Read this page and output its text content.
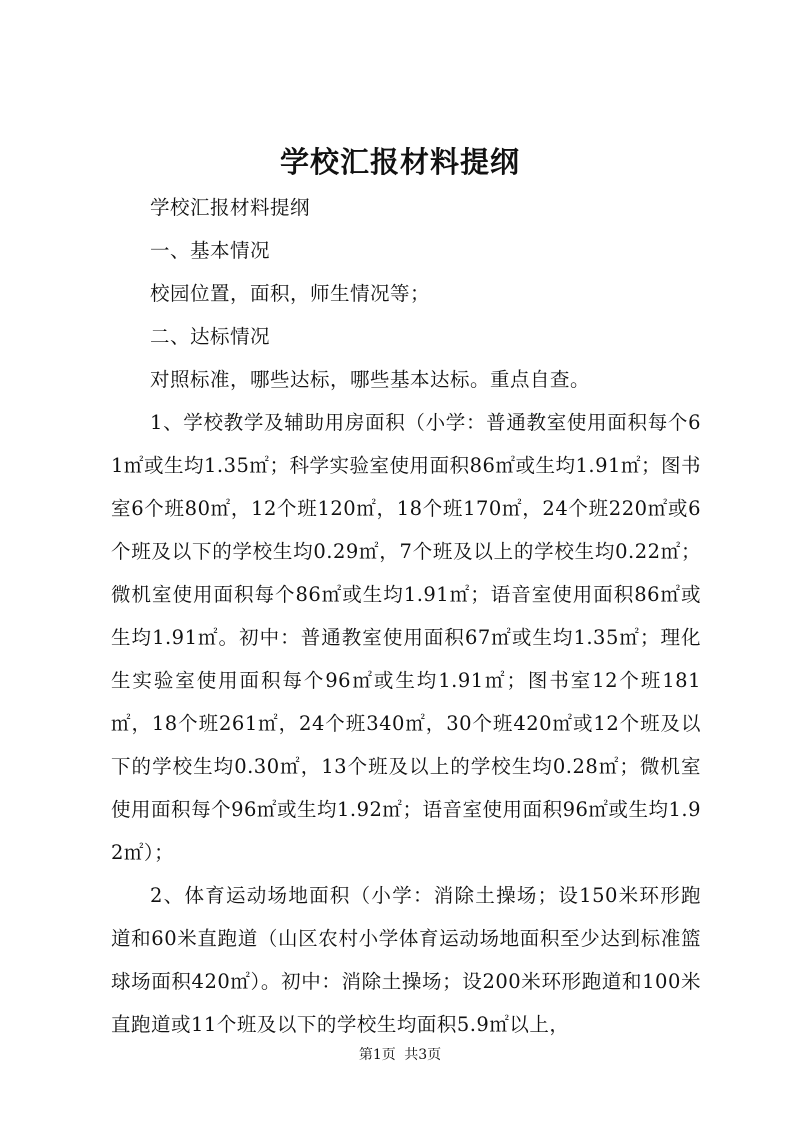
学校汇报材料提纲

学校汇报材料提纲

一、基本情况

校园位置，面积，师生情况等；

二、达标情况

对照标准，哪些达标，哪些基本达标。重点自查。

1、学校教学及辅助用房面积（小学：普通教室使用面积每个61㎡或生均1.35㎡；科学实验室使用面积86㎡或生均1.91㎡；图书室6个班80㎡，12个班120㎡，18个班170㎡，24个班220㎡或6个班及以下的学校生均0.29㎡，7个班及以上的学校生均0.22㎡；微机室使用面积每个86㎡或生均1.91㎡；语音室使用面积86㎡或生均1.91㎡。初中：普通教室使用面积67㎡或生均1.35㎡；理化生实验室使用面积每个96㎡或生均1.91㎡；图书室12个班181㎡，18个班261㎡，24个班340㎡，30个班420㎡或12个班及以下的学校生均0.30㎡，13个班及以上的学校生均0.28㎡；微机室使用面积每个96㎡或生均1.92㎡；语音室使用面积96㎡或生均1.92㎡）；

2、体育运动场地面积（小学：消除土操场；设150米环形跑道和60米直跑道（山区农村小学体育运动场地面积至少达到标准篮球场面积420㎡）。初中：消除土操场；设200米环形跑道和100米直跑道或11个班及以下的学校生均面积5.9㎡以上，

第1页 共3页
